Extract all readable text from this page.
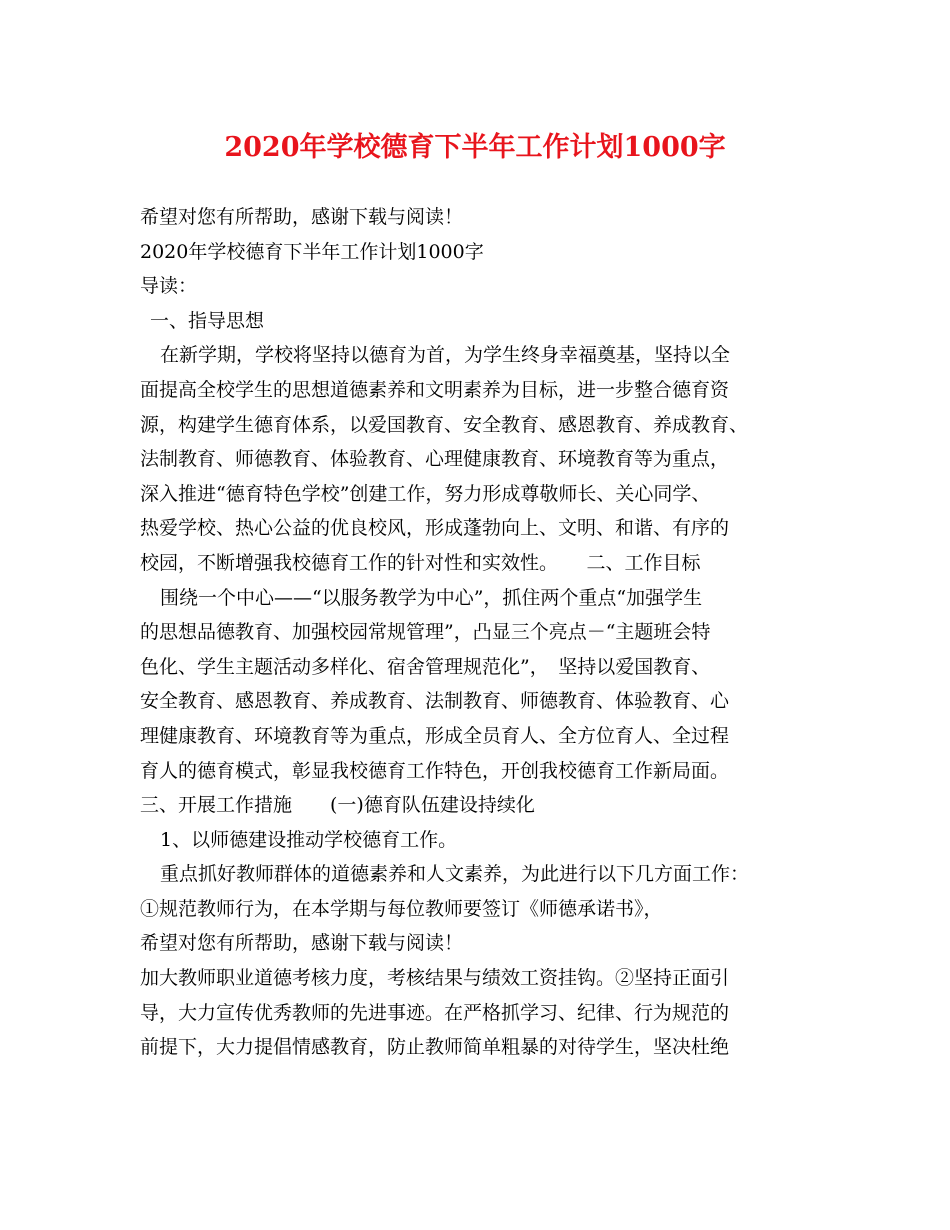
2020年学校德育下半年工作计划1000字
希望对您有所帮助，感谢下载与阅读！
2020年学校德育下半年工作计划1000字
导读：
一、指导思想
在新学期，学校将坚持以德育为首，为学生终身幸福奠基，坚持以全
面提高全校学生的思想道德素养和文明素养为目标，进一步整合德育资
源，构建学生德育体系，以爱国教育、安全教育、感恩教育、养成教育、
法制教育、师德教育、体验教育、心理健康教育、环境教育等为重点，
深入推进“德育特色学校”创建工作，努力形成尊敬师长、关心同学、
热爱学校、热心公益的优良校风，形成蓬勃向上、文明、和谐、有序的
校园，不断增强我校德育工作的针对性和实效性。　　二、工作目标
围绕一个中心——“以服务教学为中心”，抓住两个重点“加强学生
的思想品德教育、加强校园常规管理”，凸显三个亮点－“主题班会特
色化、学生主题活动多样化、宿舍管理规范化”，　坚持以爱国教育、
安全教育、感恩教育、养成教育、法制教育、师德教育、体验教育、心
理健康教育、环境教育等为重点，形成全员育人、全方位育人、全过程
育人的德育模式，彰显我校德育工作特色，开创我校德育工作新局面。
三、开展工作措施　　(一)德育队伍建设持续化
1、以师德建设推动学校德育工作。
重点抓好教师群体的道德素养和人文素养，为此进行以下几方面工作：
①规范教师行为，在本学期与每位教师要签订《师德承诺书》，
希望对您有所帮助，感谢下载与阅读！
加大教师职业道德考核力度，考核结果与绩效工资挂钩。②坚持正面引
导，大力宣传优秀教师的先进事迹。在严格抓学习、纪律、行为规范的
前提下，大力提倡情感教育，防止教师简单粗暴的对待学生，坚决杜绝
